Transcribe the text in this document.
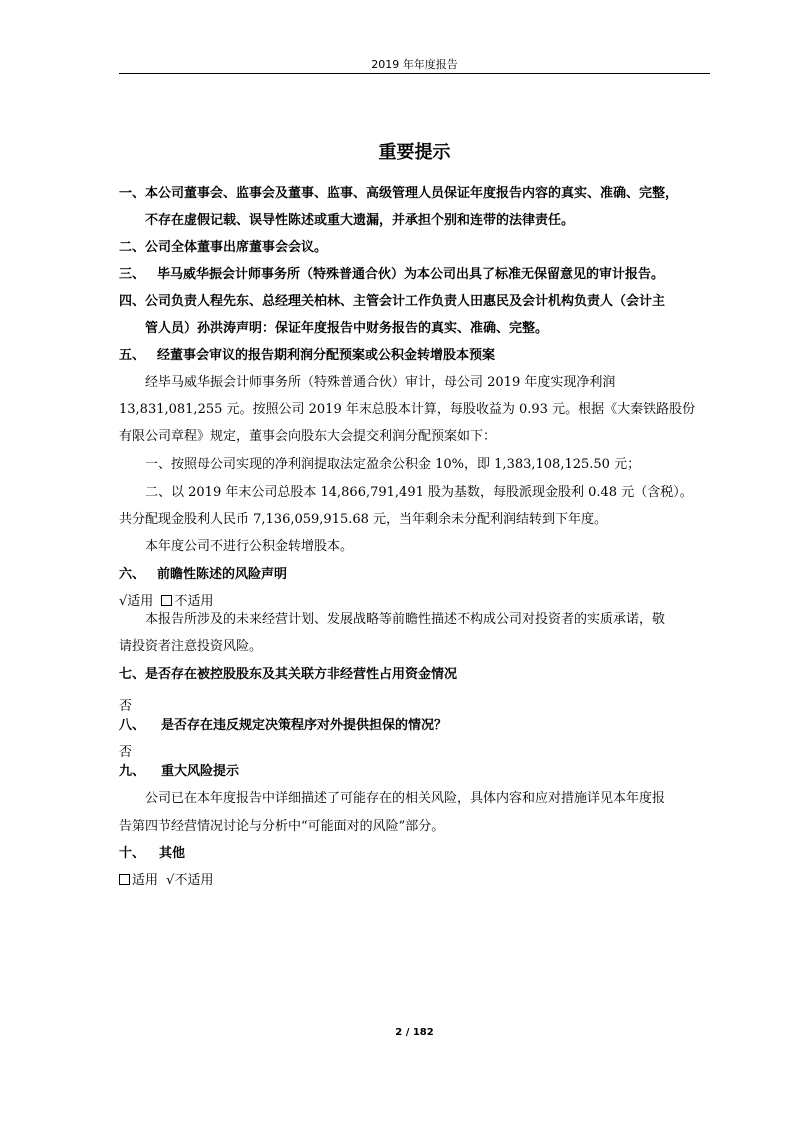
2019 年年度报告
重要提示
一、本公司董事会、监事会及董事、监事、高级管理人员保证年度报告内容的真实、准确、完整，
不存在虚假记载、误导性陈述或重大遗漏，并承担个别和连带的法律责任。
二、公司全体董事出席董事会会议。
三、 毕马威华振会计师事务所（特殊普通合伙）为本公司出具了标准无保留意见的审计报告。
四、公司负责人程先东、总经理关柏林、主管会计工作负责人田惠民及会计机构负责人（会计主
管人员）孙洪涛声明：保证年度报告中财务报告的真实、准确、完整。
五、 经董事会审议的报告期利润分配预案或公积金转增股本预案
经毕马威华振会计师事务所（特殊普通合伙）审计，母公司 2019 年度实现净利润
13,831,081,255 元。按照公司 2019 年末总股本计算，每股收益为 0.93 元。根据《大秦铁路股份
有限公司章程》规定，董事会向股东大会提交利润分配预案如下：
一、按照母公司实现的净利润提取法定盈余公积金 10%，即 1,383,108,125.50 元；
二、以 2019 年末公司总股本 14,866,791,491 股为基数，每股派现金股利 0.48 元（含税）。
共分配现金股利人民币 7,136,059,915.68 元，当年剩余未分配利润结转到下年度。
本年度公司不进行公积金转增股本。
六、 前瞻性陈述的风险声明
√适用 不适用
本报告所涉及的未来经营计划、发展战略等前瞻性描述不构成公司对投资者的实质承诺，敬
请投资者注意投资风险。
七、是否存在被控股股东及其关联方非经营性占用资金情况
否
八、 是否存在违反规定决策程序对外提供担保的情况？
否
九、 重大风险提示
公司已在本年度报告中详细描述了可能存在的相关风险，具体内容和应对措施详见本年度报
告第四节经营情况讨论与分析中“可能面对的风险”部分。
十、 其他
适用 √不适用
2 / 182
